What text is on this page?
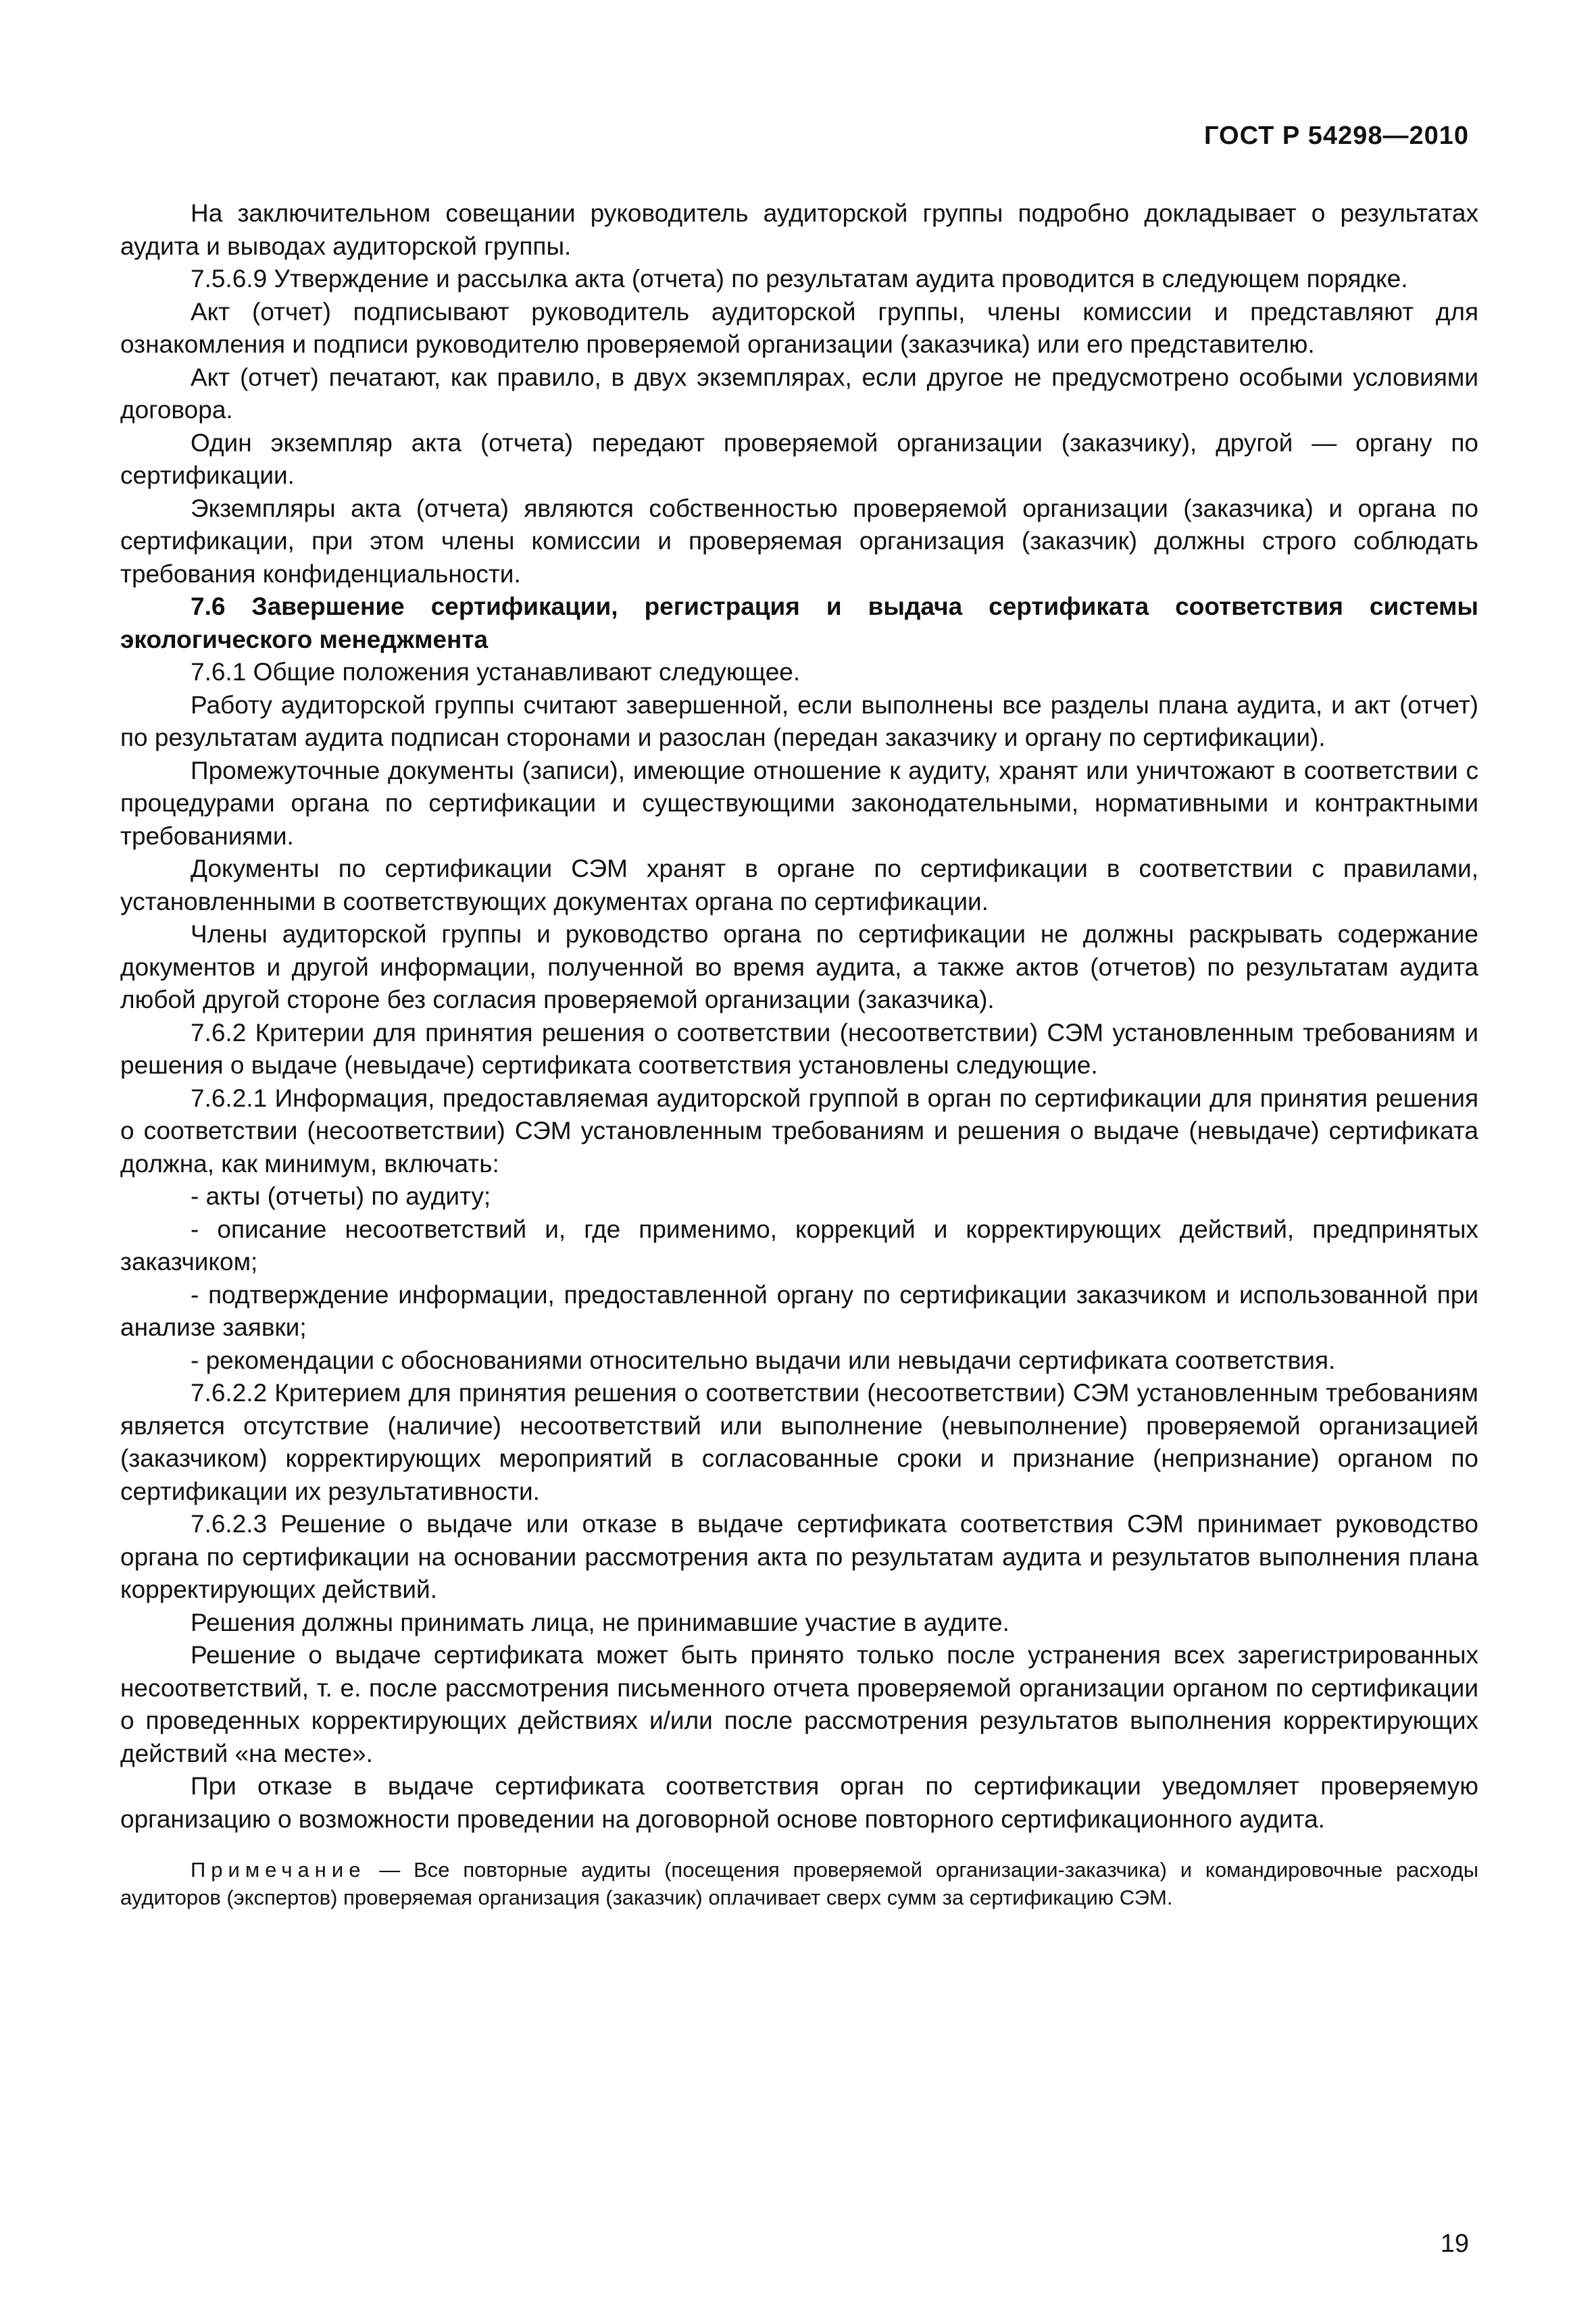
ГОСТ Р 54298—2010

На заключительном совещании руководитель аудиторской группы подробно докладывает о результатах аудита и выводах аудиторской группы.

7.5.6.9 Утверждение и рассылка акта (отчета) по результатам аудита проводится в следующем порядке.

Акт (отчет) подписывают руководитель аудиторской группы, члены комиссии и представляют для ознакомления и подписи руководителю проверяемой организации (заказчика) или его представителю.

Акт (отчет) печатают, как правило, в двух экземплярах, если другое не предусмотрено особыми условиями договора.

Один экземпляр акта (отчета) передают проверяемой организации (заказчику), другой — органу по сертификации.

Экземпляры акта (отчета) являются собственностью проверяемой организации (заказчика) и органа по сертификации, при этом члены комиссии и проверяемая организация (заказчик) должны строго соблюдать требования конфиденциальности.

7.6 Завершение сертификации, регистрация и выдача сертификата соответствия системы экологического менеджмента

7.6.1 Общие положения устанавливают следующее.

Работу аудиторской группы считают завершенной, если выполнены все разделы плана аудита, и акт (отчет) по результатам аудита подписан сторонами и разослан (передан заказчику и органу по сертификации).

Промежуточные документы (записи), имеющие отношение к аудиту, хранят или уничтожают в соответствии с процедурами органа по сертификации и существующими законодательными, нормативными и контрактными требованиями.

Документы по сертификации СЭМ хранят в органе по сертификации в соответствии с правилами, установленными в соответствующих документах органа по сертификации.

Члены аудиторской группы и руководство органа по сертификации не должны раскрывать содержание документов и другой информации, полученной во время аудита, а также актов (отчетов) по результатам аудита любой другой стороне без согласия проверяемой организации (заказчика).

7.6.2 Критерии для принятия решения о соответствии (несоответствии) СЭМ установленным требованиям и решения о выдаче (невыдаче) сертификата соответствия установлены следующие.

7.6.2.1 Информация, предоставляемая аудиторской группой в орган по сертификации для принятия решения о соответствии (несоответствии) СЭМ установленным требованиям и решения о выдаче (невыдаче) сертификата должна, как минимум, включать:

- акты (отчеты) по аудиту;

- описание несоответствий и, где применимо, коррекций и корректирующих действий, предпринятых заказчиком;

- подтверждение информации, предоставленной органу по сертификации заказчиком и использованной при анализе заявки;

- рекомендации с обоснованиями относительно выдачи или невыдачи сертификата соответствия.

7.6.2.2 Критерием для принятия решения о соответствии (несоответствии) СЭМ установленным требованиям является отсутствие (наличие) несоответствий или выполнение (невыполнение) проверяемой организацией (заказчиком) корректирующих мероприятий в согласованные сроки и признание (непризнание) органом по сертификации их результативности.

7.6.2.3 Решение о выдаче или отказе в выдаче сертификата соответствия СЭМ принимает руководство органа по сертификации на основании рассмотрения акта по результатам аудита и результатов выполнения плана корректирующих действий.

Решения должны принимать лица, не принимавшие участие в аудите.

Решение о выдаче сертификата может быть принято только после устранения всех зарегистрированных несоответствий, т. е. после рассмотрения письменного отчета проверяемой организации органом по сертификации о проведенных корректирующих действиях и/или после рассмотрения результатов выполнения корректирующих действий «на месте».

При отказе в выдаче сертификата соответствия орган по сертификации уведомляет проверяемую организацию о возможности проведении на договорной основе повторного сертификационного аудита.

Примечание — Все повторные аудиты (посещения проверяемой организации-заказчика) и командировочные расходы аудиторов (экспертов) проверяемая организация (заказчик) оплачивает сверх сумм за сертификацию СЭМ.
19
